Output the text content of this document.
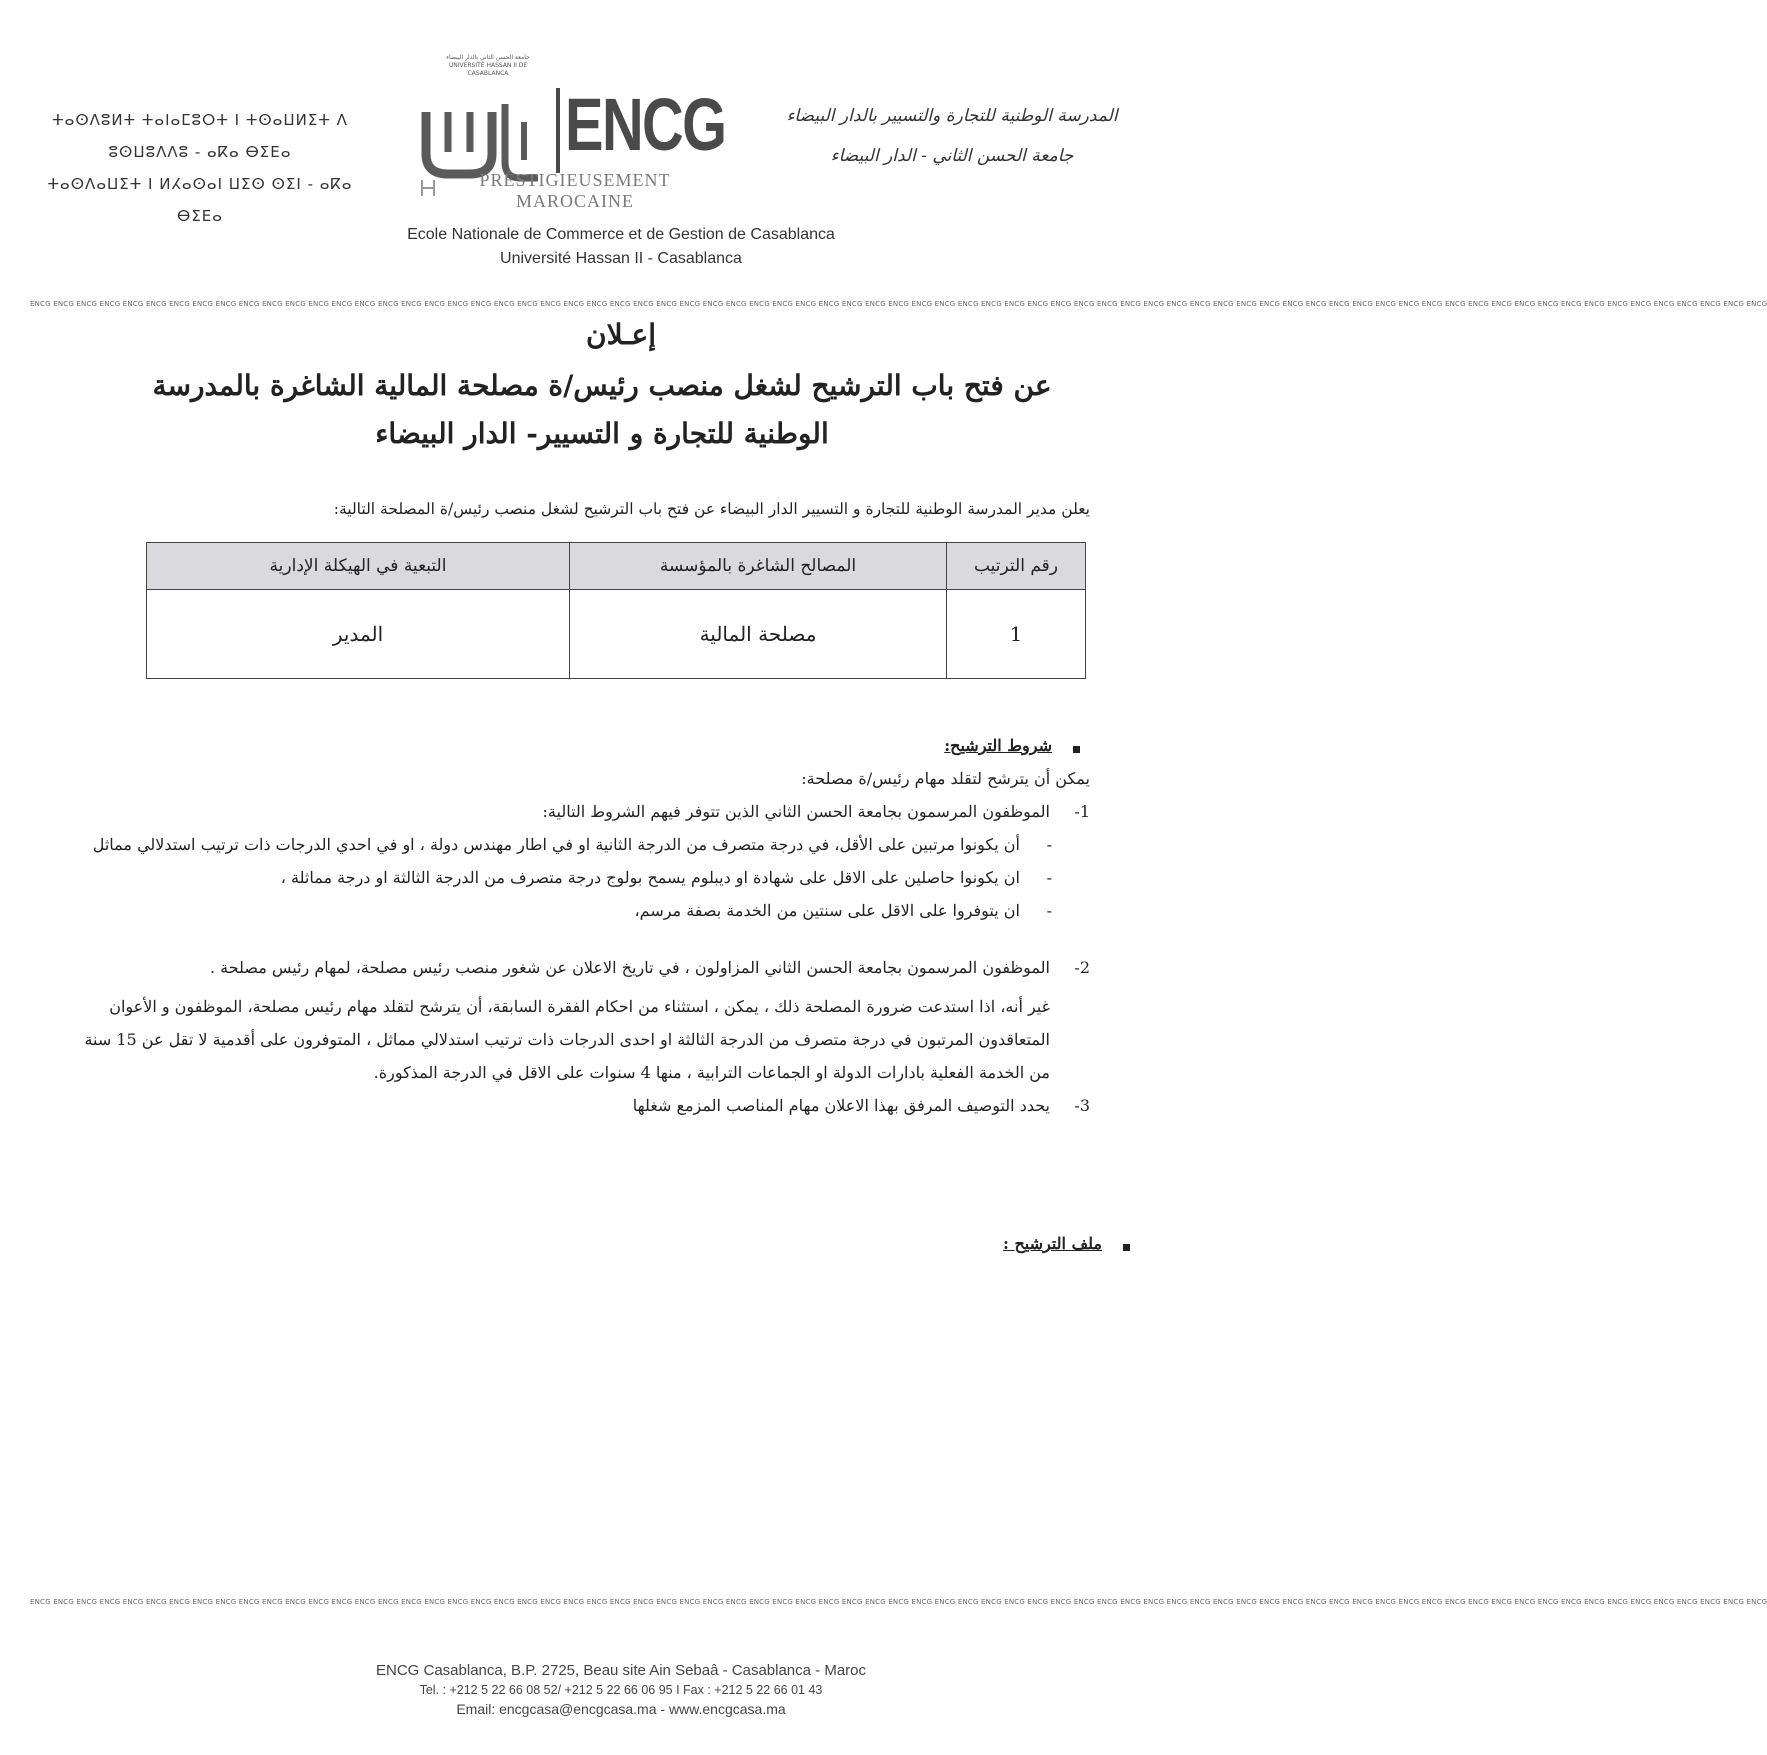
ⵜⴰⵙⴷⵓⵍⵜ ⵜⴰⵏⴰⵎⵓⵔⵜ ⵏ ⵜⵙⴰⵡⵍⵉⵜ ⴷ ⵓⵙⵡⵓⴷⴷⵓ - ⴰⴽⴰ ⴱⵉⴹⴰ
ⵜⴰⵙⴷⴰⵡⵉⵜ ⵏ ⵍⵃⴰⵙⴰⵏ ⵡⵉⵙ ⵙⵉⵏ - ⴰⴽⴰ ⴱⵉⴹⴰ
جامعة الحسن الثاني بالدار البيضاء
UNIVERSITÉ HASSAN II DE CASABLANCA
ENCG
PRÉSTIGIEUSEMENT MAROCAINE
المدرسة الوطنية للتجارة والتسيير بالدار البيضاء
جامعة الحسن الثاني - الدار البيضاء
Ecole Nationale de Commerce et de Gestion de Casablanca
Université Hassan II - Casablanca
ENCG ENCG ENCG ENCG ENCG ENCG ENCG ENCG ENCG ENCG ENCG ENCG ENCG ENCG ENCG ENCG ENCG ENCG ENCG ENCG ENCG ENCG ENCG ENCG ENCG ENCG ENCG ENCG ENCG ENCG ENCG ENCG ENCG ENCG ENCG ENCG ENCG ENCG ENCG ENCG ENCG ENCG ENCG ENCG ENCG ENCG ENCG ENCG ENCG ENCG ENCG ENCG ENCG ENCG ENCG ENCG ENCG ENCG ENCG ENCG ENCG ENCG ENCG ENCG ENCG ENCG ENCG ENCG ENCG ENCG ENCG ENCG ENCG ENCG ENCG
إعـلان
عن فتح باب الترشيح لشغل منصب رئيس/ة مصلحة المالية الشاغرة بالمدرسة
الوطنية للتجارة و التسيير- الدار البيضاء
يعلن مدير المدرسة الوطنية للتجارة و التسيير الدار البيضاء عن فتح باب الترشيح لشغل منصب رئيس/ة المصلحة التالية:
رقم الترتيب	المصالح الشاغرة بالمؤسسة	التبعية في الهيكلة الإدارية
1	مصلحة المالية	المدير
شروط الترشيح:
يمكن أن يترشح لتقلد مهام رئيس/ة مصلحة:
1-
الموظفون المرسمون بجامعة الحسن الثاني الذين تتوفر فيهم الشروط التالية:
-
أن يكونوا مرتبين على الأقل، في درجة متصرف من الدرجة الثانية او في اطار مهندس دولة ، او في احدي الدرجات ذات ترتيب استدلالي مماثل
-
ان يكونوا حاصلين على الاقل على شهادة او ديبلوم يسمح بولوج درجة متصرف من الدرجة الثالثة او درجة مماثلة ،
-
ان يتوفروا على الاقل على سنتين من الخدمة بصفة مرسم،
2-
الموظفون المرسمون بجامعة الحسن الثاني المزاولون ، في تاريخ الاعلان عن شغور منصب رئيس مصلحة، لمهام رئيس مصلحة .
غير أنه، اذا استدعت ضرورة المصلحة ذلك ، يمكن ، استثناء من احكام الفقرة السابقة، أن يترشح لتقلد مهام رئيس مصلحة، الموظفون و الأعوان المتعاقدون المرتبون في درجة متصرف من الدرجة الثالثة او احدى الدرجات ذات ترتيب استدلالي مماثل ، المتوفرون على أقدمية لا تقل عن 15 سنة من الخدمة الفعلية بادارات الدولة او الجماعات الترابية ، منها 4 سنوات على الاقل في الدرجة المذكورة.
3-
يحدد التوصيف المرفق بهذا الاعلان مهام المناصب المزمع شغلها
ملف الترشيح :
ENCG ENCG ENCG ENCG ENCG ENCG ENCG ENCG ENCG ENCG ENCG ENCG ENCG ENCG ENCG ENCG ENCG ENCG ENCG ENCG ENCG ENCG ENCG ENCG ENCG ENCG ENCG ENCG ENCG ENCG ENCG ENCG ENCG ENCG ENCG ENCG ENCG ENCG ENCG ENCG ENCG ENCG ENCG ENCG ENCG ENCG ENCG ENCG ENCG ENCG ENCG ENCG ENCG ENCG ENCG ENCG ENCG ENCG ENCG ENCG ENCG ENCG ENCG ENCG ENCG ENCG ENCG ENCG ENCG ENCG ENCG ENCG ENCG ENCG ENCG
ENCG Casablanca, B.P. 2725, Beau site Ain Sebaâ - Casablanca - Maroc
Tel. : +212 5 22 66 08 52/ +212 5 22 66 06 95 I Fax : +212 5 22 66 01 43
Email: encgcasa@encgcasa.ma - www.encgcasa.ma
